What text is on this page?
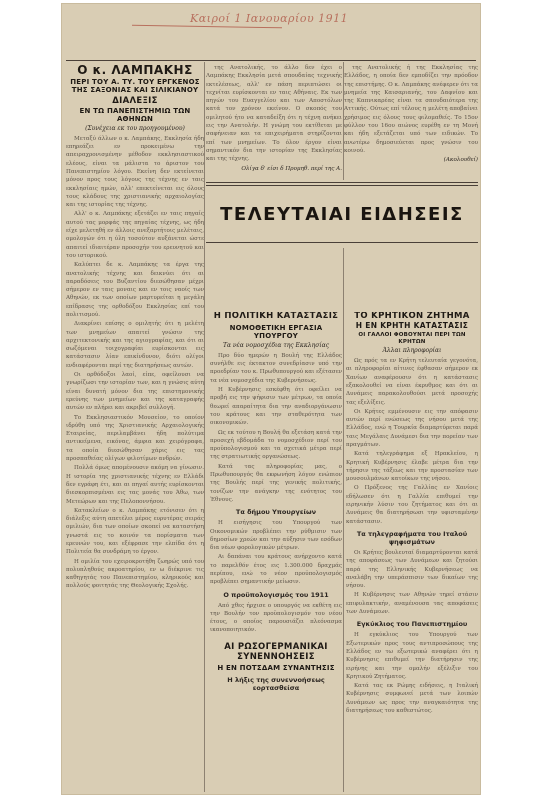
Καιροί 1 Ιανουαρίου 1911
Ο κ. ΛΑΜΠΑΚΗΣ
ΠΕΡΙ ΤΟΥ Α. ΤΥ. ΤΟΥ ΕΡΓΚΕΝΟΣ
ΤΗΣ ΣΑΞΟΝΙΑΣ ΚΑΙ ΣΙΛΙΚΙΑΝΟΥ
ΔΙΑΛΕΞΙΣ
ΕΝ ΤΩ ΠΑΝΕΠΙΣΤΗΜΙΩ ΤΩΝ ΑΘΗΝΩΝ
(Συνέχεια εκ του προηγουμένου)

Μεταξύ άλλων ο κ. Λαμπάκης, Εκκλησία ήδη επηρεάζει εν προκειμένω την απειραχρονισμένην μέθοδον εκκλησιαστικού ελέους, είναι τα μάλιστα το άριστον του Πανεπιστημίου λόγου. Εκείνη δεν εκτείνεται μόνον προς τους λόγους της τέχνης εν ταις εκκλησίαις ημών, αλλ' επεκτείνεται εις όλους τους κλάδους της χριστιανικής αρχαιολογίας και της ιστορίας της τέχνης.

Αλλ' ο κ. Λαμπάκης εξετάζει εν ταις πηγαίς αυτού τας μορφάς της πηγαίας τέχνης, ως ήδη είχε μελετηθή εν άλλοις ανεξαρτήτοις μελέταις, ομολογών ότι η ύλη τοσούτον αυξάνεται ώστε απαιτεί ιδιαιτέραν προσοχήν του ερευνητού και του ιστορικού.

Καλύπτει δε κ. Λαμπάκης τα έργα της ανατολικής τέχνης και δεικνύει ότι αι παραδόσεις του Βυζαντίου διεσώθησαν μέχρι σήμερον εν ταις μοναις και εν τοις ναοίς των Αθηνών, εκ των οποίων μαρτυρείται η μεγάλη επίδρασις της ορθοδόξου Εκκλησίας επί του πολιτισμού.

Διακρίνει επίσης ο ομιλητής ότι η μελέτη των μνημείων απαιτεί γνώσιν της αρχιτεκτονικής και της αγιογραφίας, και ότι αι σωζόμεναι τοιχογραφίαι ευρίσκονται εις κατάστασιν λίαν επικίνδυνον, διότι ολίγοι ενδιαφέρονται περί της διατηρήσεως αυτών.

Οι ορθόδοξοι λαοί, είπε, οφείλουσι να γνωρίζωσι την ιστορίαν των, και η γνώσις αύτη είναι δυνατή μόνον δια της επιστημονικής ερεύνης των μνημείων και της καταγραφής αυτών εν πλήρει και ακριβεί συλλογή.

Το Εκκλησιαστικόν Μουσείον, το οποίον ιδρύθη υπό της Χριστιανικής Αρχαιολογικής Εταιρείας, περιλαμβάνει ήδη πολύτιμα αντικείμενα, εικόνας, άμφια και χειρόγραφα, τα οποία διεσώθησαν χάρις εις τας προσπαθείας ολίγων φιλοτίμων ανδρών.

Πολλά όμως απομένουσιν ακόμη να γίνωσιν. Η ιστορία της χριστιανικής τέχνης εν Ελλάδι δεν εγράφη έτι, και αι πηγαί αυτής ευρίσκονται διεσκορπισμέναι εις τας μονάς του Άθω, των Μετεώρων και της Πελοποννήσου.

Κατακλείων ο κ. Λαμπάκης ετόνισεν ότι η διάλεξις αύτη απετέλει μέρος ευρυτέρας σειράς ομιλιών, δια των οποίων σκοπεί να καταστήση γνωστά εις το κοινόν τα πορίσματα των ερευνών του, και εξέφρασε την ελπίδα ότι η Πολιτεία θα συνδράμη το έργον.

Η ομιλία του εχειροκροτήθη ζωηρώς υπό του πολυπληθούς ακροατηρίου, εν ω διέκρινε τις καθηγητάς του Πανεπιστημίου, κληρικούς και πολλούς φοιτητάς της Θεολογικής Σχολής.

της Ανατολικής, το άλλο δεν έχει ο Λαμπάκης Εκκλησία μετά σπουδαίας τεχνικής εκτελέσεως, αλλ' εν πάση περιπτώσει οι τεχνίται ευρίσκονται εν ταις Αθήναις. Εκ των πηγών του Ευαγγελίου και των Αποστόλων κατά τον χρόνον εκείνον. Ο σκοπός του ομιλητού ήτο να καταδείξη ότι η τέχνη ανήκει εις την Ανατολήν. Η γνώμη του εκτίθεται με σαφήνειαν και τα επιχειρήματα στηρίζονται επί των μνημείων. Το όλον έργον είναι σημαντικόν δια την ιστορίαν της Εκκλησίας και της τέχνης.

Ολίγα δ' είσι δ Προμηθ. περί της Α.

της Ανατολικής ή της Εκκλησίας της Ελλάδος, η οποία δεν εμποδίζει την πρόοδον της επιστήμης. Ο κ. Λαμπάκης ανέφερεν ότι τα μνημεία της Καισαριανής, του Δαφνίου και της Καπνικαρέας είναι τα σπουδαιότερα της Αττικής. Ούτως επί τέλους η μελέτη αποβαίνει χρήσιμος εις όλους τους φιλομαθείς. Το 15ον φύλλον του 16ου αιώνος ευρέθη εν τη Μονή και ήδη εξετάζεται υπό των ειδικών. Το ανωτέρω δημοσιεύεται προς γνώσιν του κοινού.

(Ακολουθεί)
ΤΕΛΕΥΤΑΙΑΙ ΕΙΔΗΣΕΙΣ
Η ΠΟΛΙΤΙΚΗ ΚΑΤΑΣΤΑΣΙΣ
ΝΟΜΟΘΕΤΙΚΗ ΕΡΓΑΣΙΑ ΥΠΟΥΡΓΟΥ
Τα νέα νομοσχέδια της Εκκλησίας

Προ δύο ημερών η Βουλή της Ελλάδος συνήλθε εις έκτακτον συνεδρίασιν υπό την προεδρίαν του κ. Πρωθυπουργού και εξέτασεν τα νέα νομοσχέδια της Κυβερνήσεως.

Η Κυβέρνησις εσκέφθη ότι οφείλει να προβή εις την ψήφισιν των μέτρων, τα οποία θεωρεί απαραίτητα δια την αναδιοργάνωσιν του κράτους και την σταθερότητα των οικονομικών.

Ως εκ τούτου η Βουλή θα εξετάση κατά την προσεχή εβδομάδα το νομοσχέδιον περί του προϋπολογισμού και τα σχετικά μέτρα περί της στρατιωτικής οργανώσεως.

Κατά τας πληροφορίας μας, ο Πρωθυπουργός θα εκφωνήση λόγον ενώπιον της Βουλής περί της γενικής πολιτικής, τονίζων την ανάγκην της ενότητος του Έθνους.

Τα δήμου Υπουργείων

Η εισήγησις του Υπουργού των Οικονομικών προβλέπει την ρύθμισιν των δημοσίων χρεών και την αύξησιν των εσόδων δια νέων φορολογικών μέτρων.

Αι δαπάναι του κράτους ανήρχοντο κατά το παρελθόν έτος εις 1.300.000 δραχμάς περίπου, ενώ το νέον προϋπολογισμός προβλέπει σημαντικήν μείωσιν.

Ο προϋπολογισμός του 1911

Από χθες ήρχισε ο υπουργός να εκθέτη εις την Βουλήν τον προϋπολογισμόν του νέου έτους, ο οποίος παρουσιάζει πλεόνασμα ικανοποιητικόν.

ΑΙ ΡΩΣΟΓΕΡΜΑΝΙΚΑΙ ΣΥΝΕΝΝΟΗΣΕΙΣ
Η ΕΝ ΠΟΤΣΔΑΜ ΣΥΝΑΝΤΗΣΙΣ
Η λήξις της συνεννοήσεως εορτασθείσα
ΤΟ ΚΡΗΤΙΚΟΝ ΖΗΤΗΜΑ
Η ΕΝ ΚΡΗΤΗ ΚΑΤΑΣΤΑΣΙΣ
ΟΙ ΓΑΛΛΟΙ ΦΟΒΟΥΝΤΑΙ ΠΕΡΙ ΤΩΝ ΚΡΗΤΩΝ
Άλλαι πληροφορίαι

Ως πρός τα εν Κρήτη τελευταία γεγονότα, αι πληροφορίαι αίτινες έφθασαν σήμερον εκ Χανίων αναφέρουσιν ότι η κατάστασις εξακολουθεί να είναι έκρυθμος και ότι αι Δυνάμεις παρακολουθούσι μετά προσοχής τας εξελίξεις.

Οι Κρήτες εμμένουσιν εις την απόφασιν αυτών περί ενώσεως της νήσου μετά της Ελλάδος, ενώ η Τουρκία διαμαρτύρεται παρά ταις Μεγάλαις Δυνάμεσι δια την πορείαν των πραγμάτων.

Κατά τηλεγράφημα εξ Ηρακλείου, η Κρητική Κυβέρνησις έλαβε μέτρα δια την τήρησιν της τάξεως και την προστασίαν των μουσουλμάνων κατοίκων της νήσου.

Ο Πρόξενος της Γαλλίας εν Χανίοις εδήλωσεν ότι η Γαλλία επιθυμεί την ειρηνικήν λύσιν του ζητήματος και ότι αι Δυνάμεις θα διατηρήσωσι την υφισταμένην κατάστασιν.

Τα τηλεγραφήματα του Ιταλού ψηφισμάτων

Οι Κρήτες βουλευταί διαμαρτύρονται κατά της αποφάσεως των Δυνάμεων και ζητούσι παρά της Ελληνικής Κυβερνήσεως να αναλάβη την υπεράσπισιν των δικαίων της νήσου.

Η Κυβέρνησις των Αθηνών τηρεί στάσιν επιφυλακτικήν, αναμένουσα τας αποφάσεις των Δυνάμεων.

Εγκύκλιος του Πανεπιστημίου

Η εγκύκλιος του Υπουργού των Εξωτερικών προς τους αντιπροσώπους της Ελλάδος εν τω εξωτερικώ αναφέρει ότι η Κυβέρνησις επιθυμεί την διατήρησιν της ειρήνης και την ομαλήν εξέλιξιν του Κρητικού Ζητήματος.

Κατά τας εκ Ρώμης ειδήσεις, η Ιταλική Κυβέρνησις συμφωνεί μετά των λοιπών Δυνάμεων ως προς την αναγκαιότητα της διατηρήσεως του καθεστώτος.
